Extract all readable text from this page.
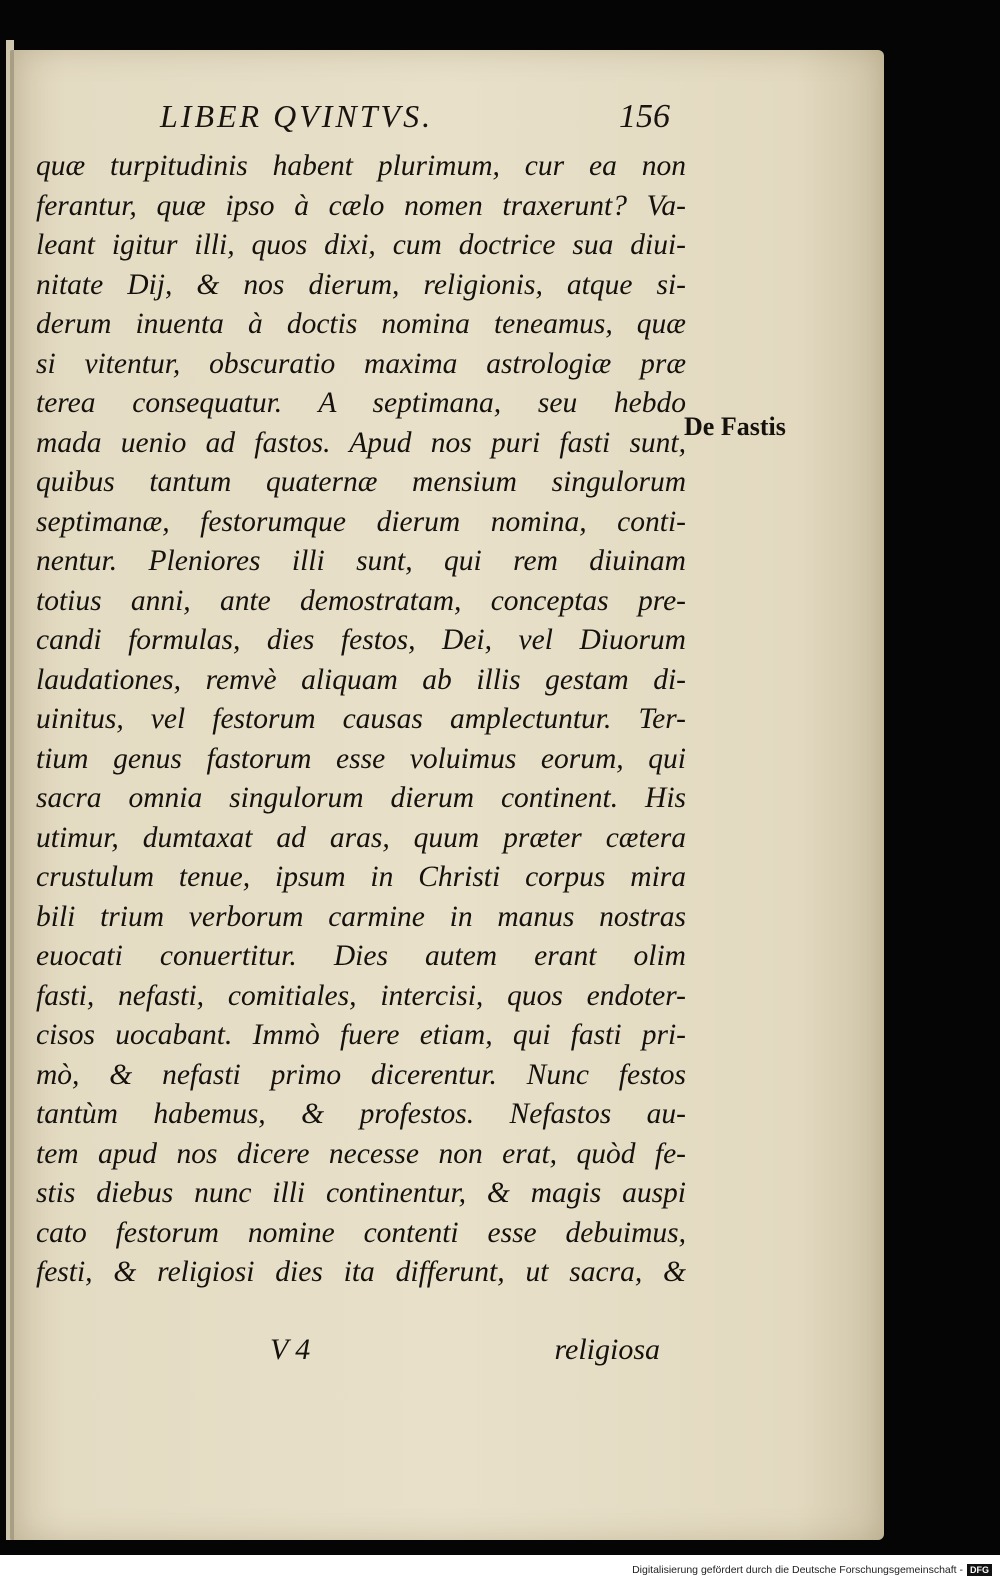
LIBER QVINTVS.	156
quæ turpitudinis habent plurimum, cur ea non
ferantur, quæ ipso à cælo nomen traxerunt? Va-
leant igitur illi, quos dixi, cum doctrice sua diui-
nitate Dij, & nos dierum, religionis, atque si-
derum inuenta à doctis nomina teneamus, quæ
si vitentur, obscuratio maxima astrologiæ præ
terea consequatur. A septimana, seu hebdo
mada uenio ad fastos. Apud nos puri fasti sunt,
quibus tantum quaternæ mensium singulorum
septimanæ, festorumque dierum nomina, conti-
nentur. Pleniores illi sunt, qui rem diuinam
totius anni, ante demostratam, conceptas pre-
candi formulas, dies festos, Dei, vel Diuorum
laudationes, remvè aliquam ab illis gestam di-
uinitus, vel festorum causas amplectuntur. Ter-
tium genus fastorum esse voluimus eorum, qui
sacra omnia singulorum dierum continent. His
utimur, dumtaxat ad aras, quum præter cætera
crustulum tenue, ipsum in Christi corpus mira
bili trium verborum carmine in manus nostras
euocati conuertitur. Dies autem erant olim
fasti, nefasti, comitiales, intercisi, quos endoter-
cisos uocabant. Immò fuere etiam, qui fasti pri-
mò, & nefasti primo dicerentur. Nunc festos
tantùm habemus, & profestos. Nefastos au-
tem apud nos dicere necesse non erat, quòd fe-
stis diebus nunc illi continentur, & magis auspi
cato festorum nomine contenti esse debuimus,
festi, & religiosi dies ita differunt, ut sacra, &
De Fastis
V 4	religiosa
Digitalisierung gefördert durch die Deutsche Forschungsgemeinschaft - DFG
